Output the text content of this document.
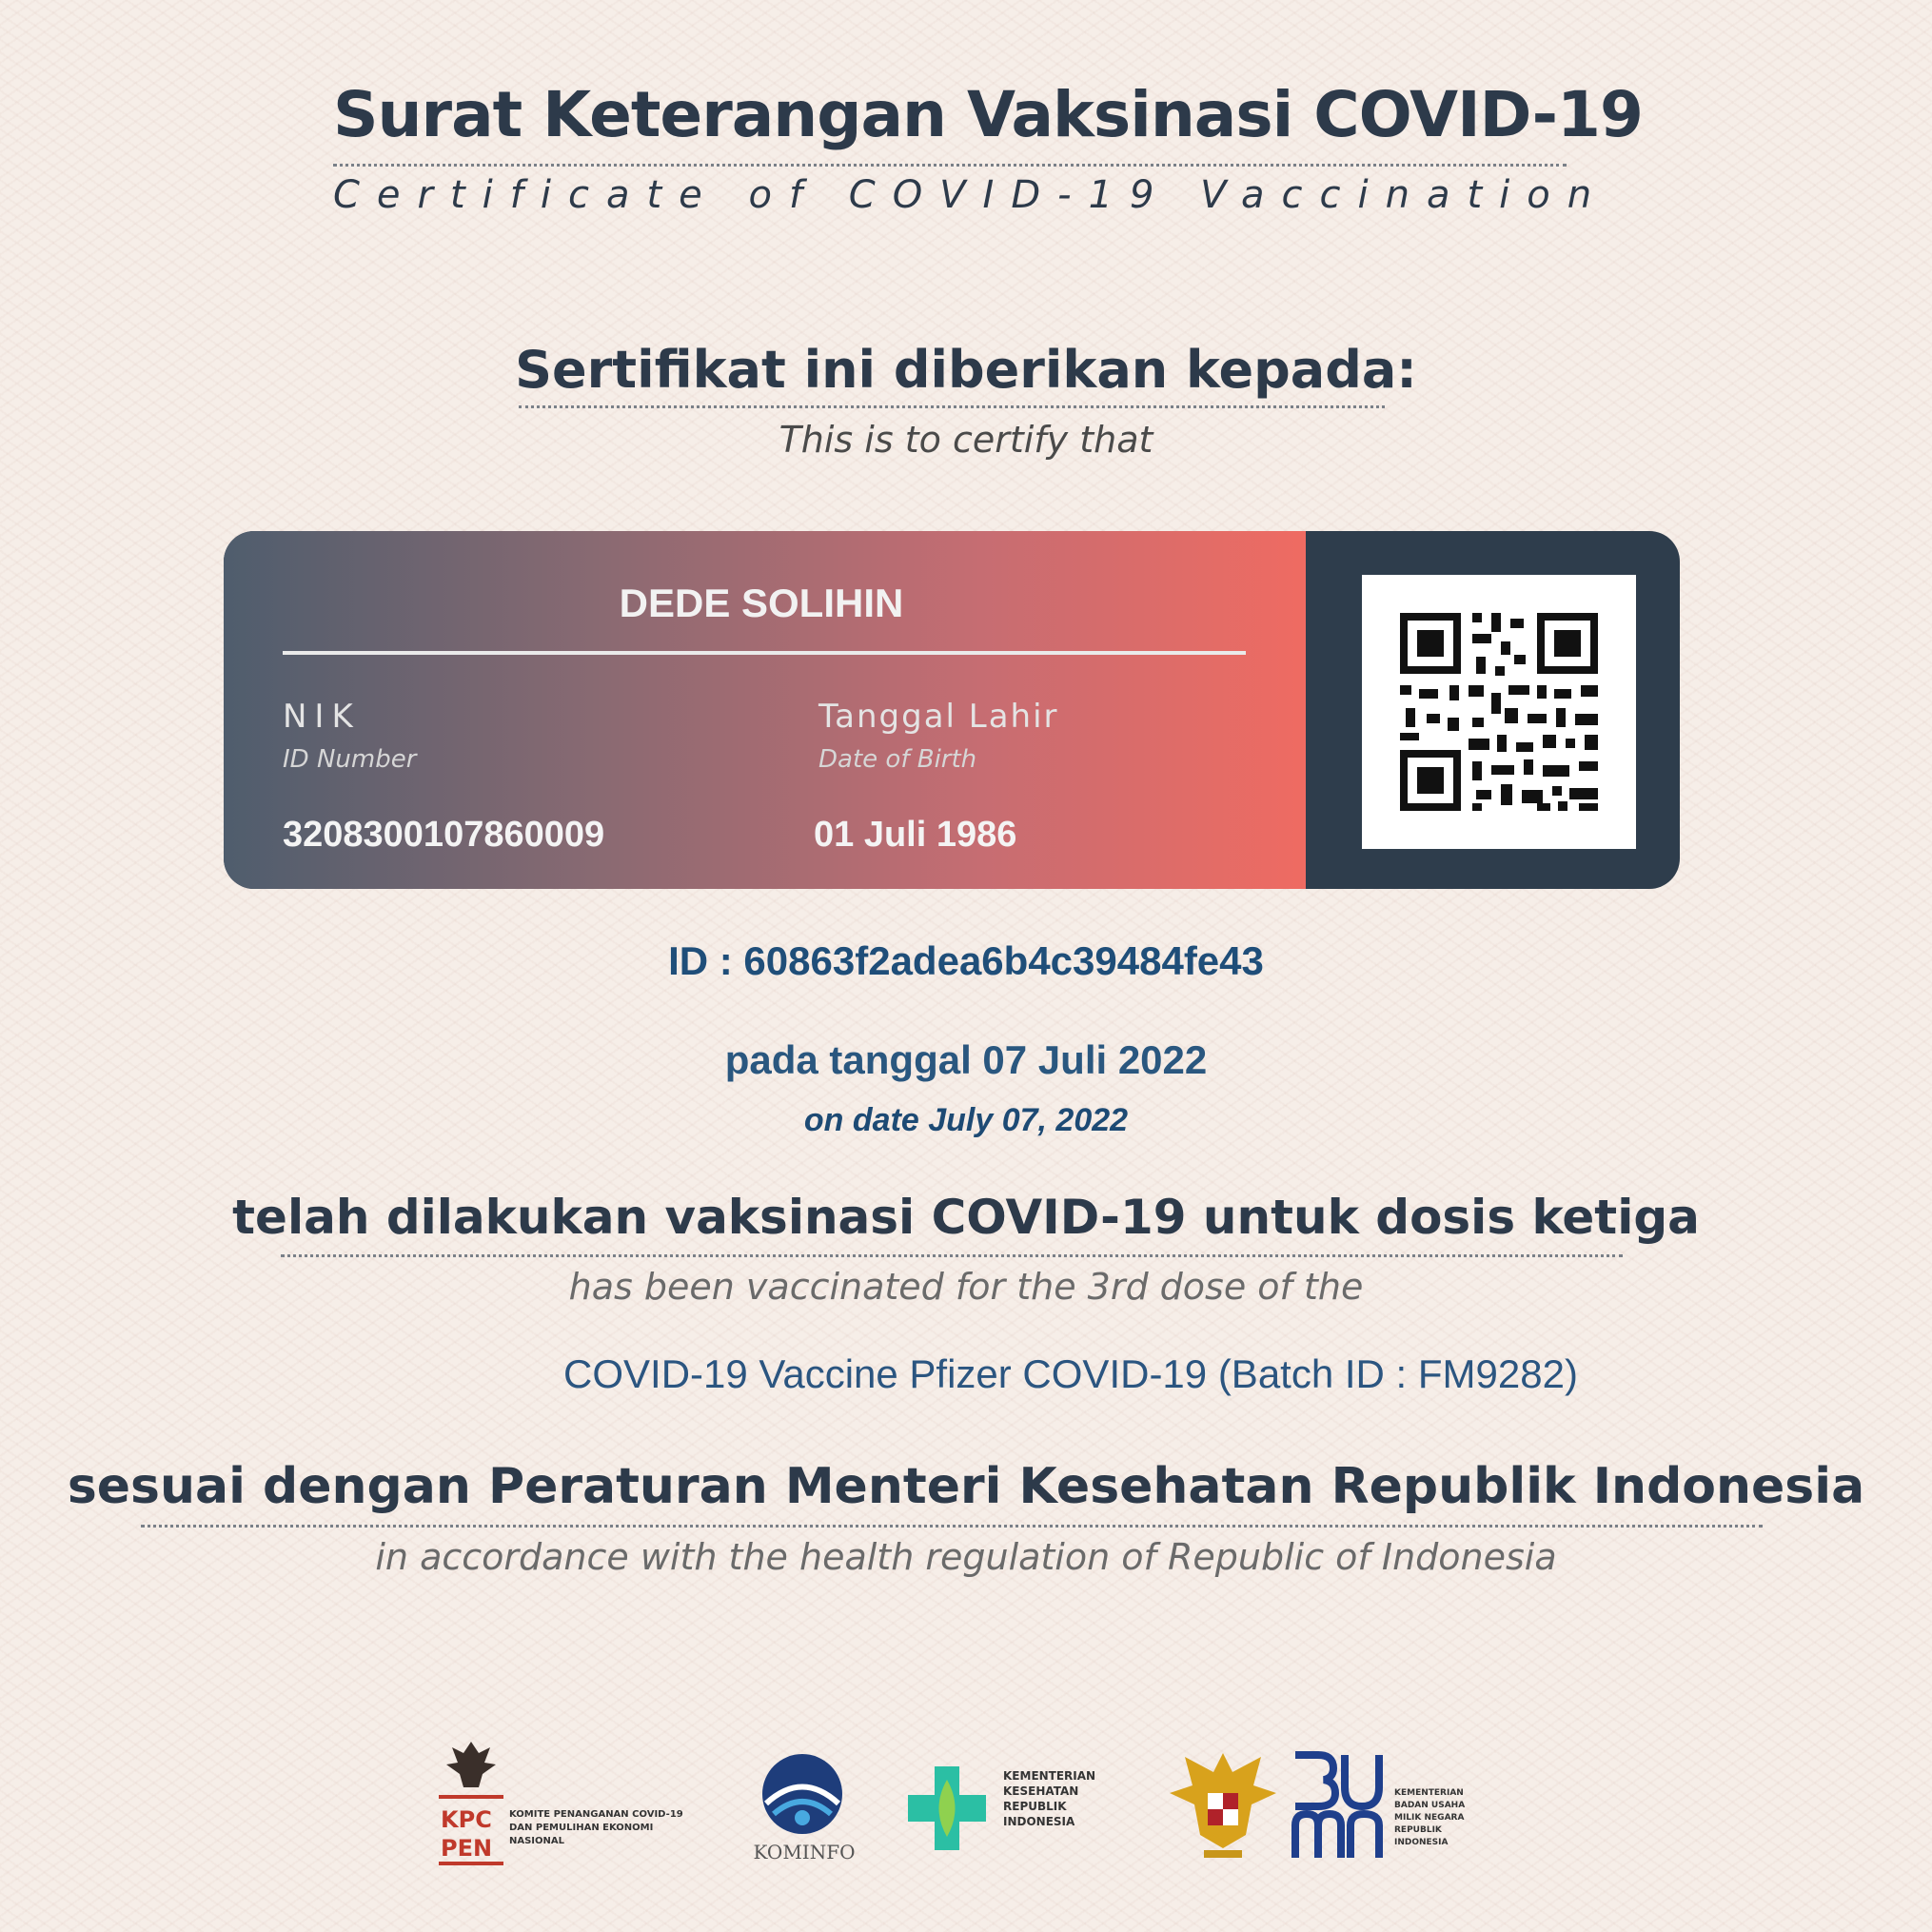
Surat Keterangan Vaksinasi COVID-19
Certificate of COVID-19 Vaccination
Sertifikat ini diberikan kepada:
This is to certify that
DEDE SOLIHIN
NIK
ID Number
3208300107860009
Tanggal Lahir
Date of Birth
01 Juli 1986
ID : 60863f2adea6b4c39484fe43
pada tanggal 07 Juli 2022
on date July 07, 2022
telah dilakukan vaksinasi COVID-19 untuk dosis ketiga
has been vaccinated for the 3rd dose of the
COVID-19 Vaccine Pfizer COVID-19 (Batch ID : FM9282)
sesuai dengan Peraturan Menteri Kesehatan Republik Indonesia
in accordance with the health regulation of Republic of Indonesia
KPC
PEN
KOMITE PENANGANAN COVID-19 DAN PEMULIHAN EKONOMI NASIONAL	KOMINFO
KEMENTERIAN KESEHATAN REPUBLIK INDONESIA
KEMENTERIAN BADAN USAHA MILIK NEGARA REPUBLIK INDONESIA
